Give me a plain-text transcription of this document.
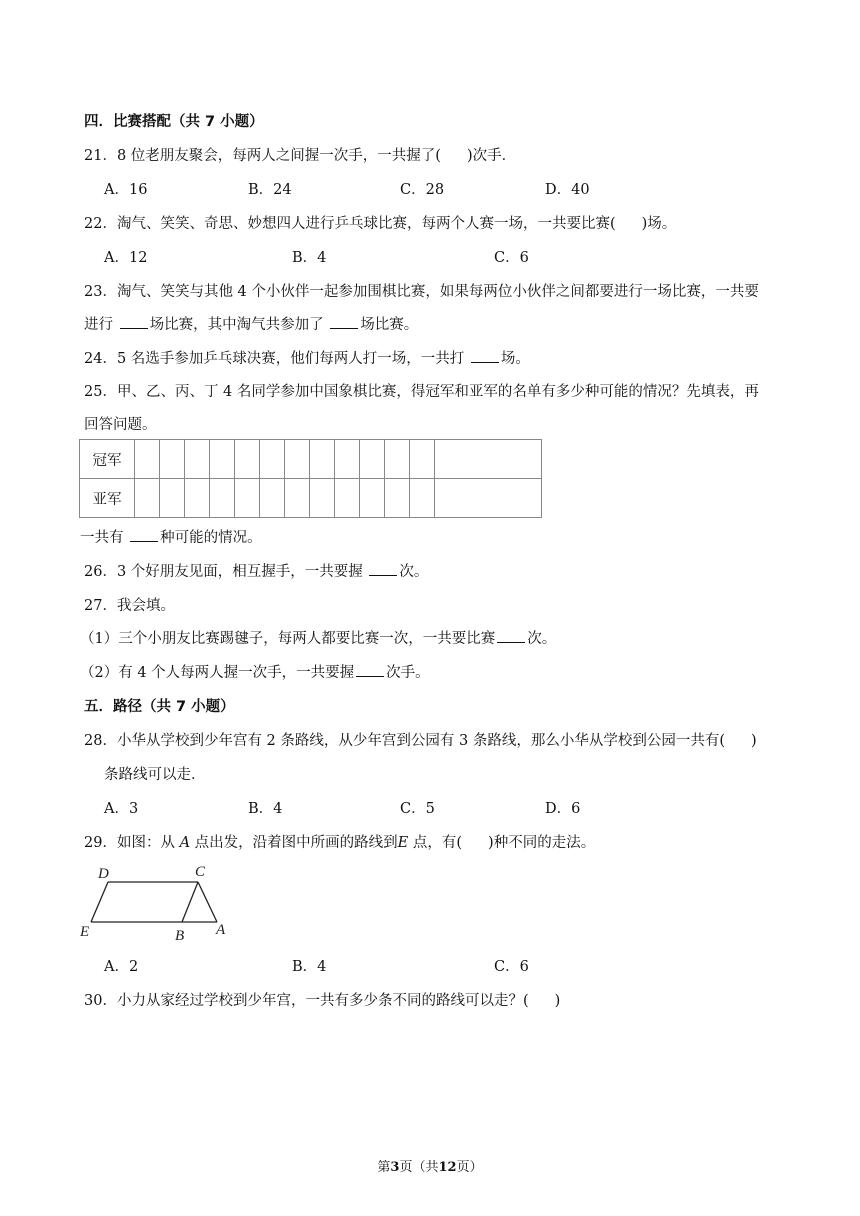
四．比赛搭配（共 7 小题）
21．8 位老朋友聚会，每两人之间握一次手，一共握了( )次手．
A．16	B．24	C．28	D．40
22．淘气、笑笑、奇思、妙想四人进行乒乓球比赛，每两个人赛一场，一共要比赛( )场。
A．12	B．4	C．6
23．淘气、笑笑与其他 4 个小伙伴一起参加围棋比赛，如果每两位小伙伴之间都要进行一场比赛，一共要
进行	场比赛，其中淘气共参加了	场比赛。
24．5 名选手参加乒乓球决赛，他们每两人打一场，一共打	场。
25．甲、乙、丙、丁 4 名同学参加中国象棋比赛，得冠军和亚军的名单有多少种可能的情况？先填表，再
回答问题。
冠军													
亚军													
一共有	种可能的情况。
26．3 个好朋友见面，相互握手，一共要握	次。
27．我会填。
（1）三个小朋友比赛踢毽子，每两人都要比赛一次，一共要比赛 次。
（2）有 4 个人每两人握一次手，一共要握 次手。
五．路径（共 7 小题）
28．小华从学校到少年宫有 2 条路线，从少年宫到公园有 3 条路线，那么小华从学校到公园一共有( )
条路线可以走．
A．3	B．4	C．5	D．6
29．如图：从 A 点出发，沿着图中所画的路线到E 点，有( )种不同的走法。
D	C
E	B A
A．2	B．4	C．6
30．小力从家经过学校到少年宫，一共有多少条不同的路线可以走？( )
第3页（共12页）
